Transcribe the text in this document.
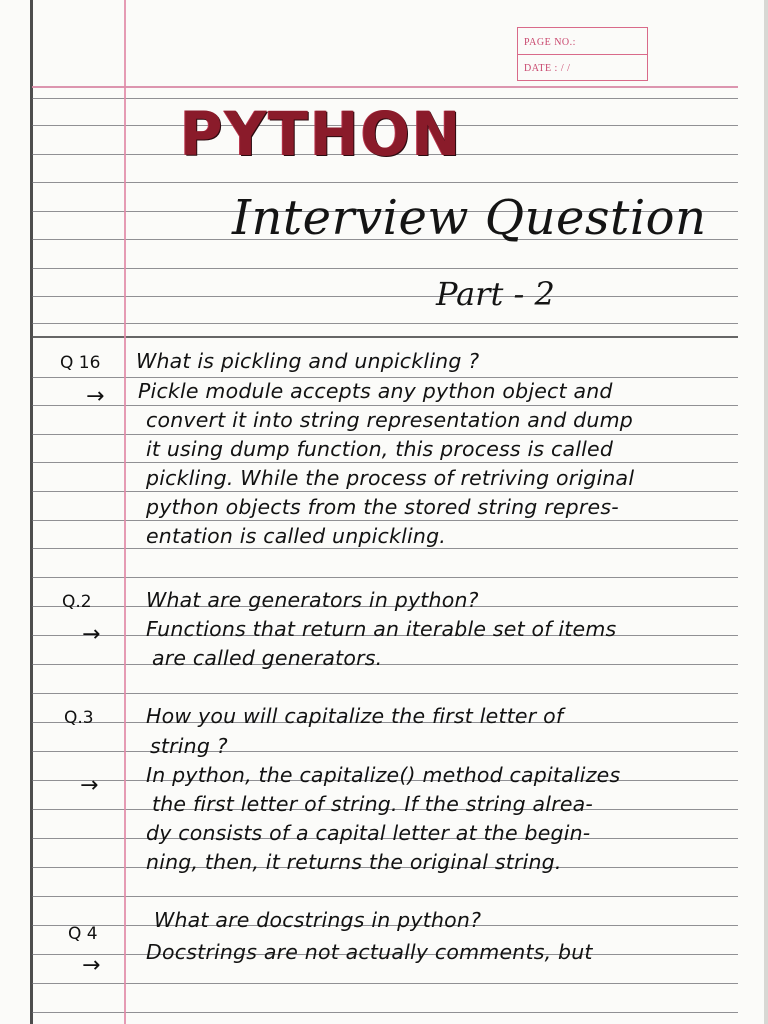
PAGE NO.:
DATE : / /
PYTHON
Interview Question
Part - 2
Q 16
→
What is pickling and unpickling ?
Pickle module accepts any python object and
convert it into string representation and dump
it using dump function, this process is called
pickling. While the process of retriving original
python objects from the stored string repres-
entation is called unpickling.
Q.2
→
What are generators in python?
Functions that return an iterable set of items
are called generators.
Q.3
→
How you will capitalize the first letter of
string ?
In python, the capitalize() method capitalizes
the first letter of string. If the string alrea-
dy consists of a capital letter at the begin-
ning, then, it returns the original string.
Q 4
→
What are docstrings in python?
Docstrings are not actually comments, but
